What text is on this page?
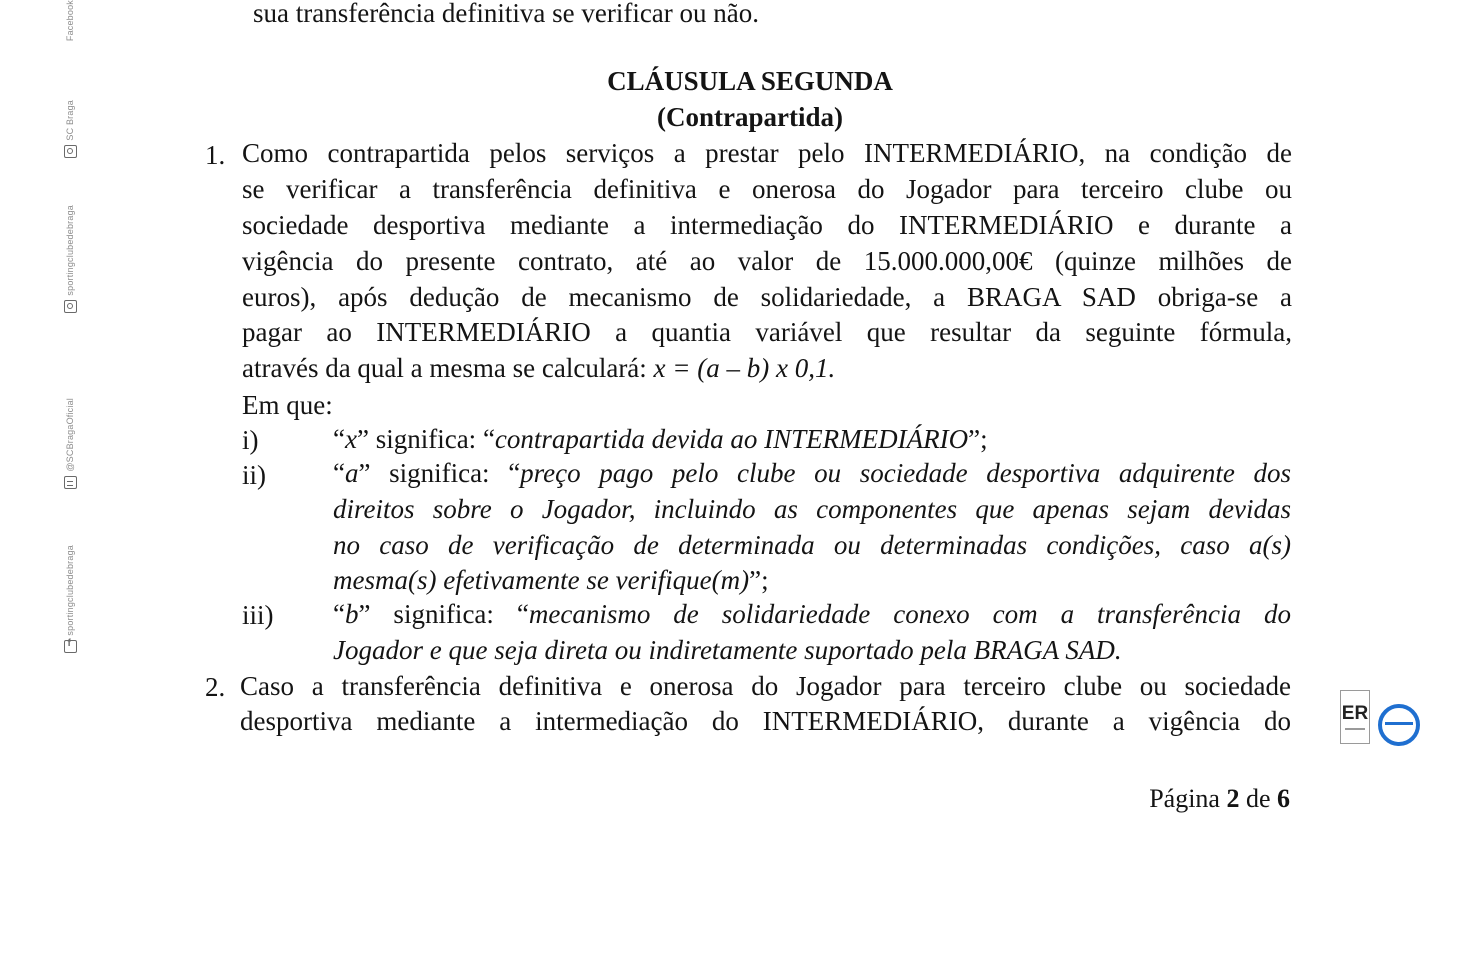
Facebook
SC Braga
sportingclubedebraga
@SCBragaOficial
sportingclubedebraga
f
sua transferência definitiva se verificar ou não.
CLÁUSULA SEGUNDA
(Contrapartida)
1. Como contrapartida pelos serviços a prestar pelo INTERMEDIÁRIO, na condição de
se verificar a transferência definitiva e onerosa do Jogador para terceiro clube ou
sociedade desportiva mediante a intermediação do INTERMEDIÁRIO e durante a
vigência do presente contrato, até ao valor de 15.000.000,00€ (quinze milhões de
euros), após dedução de mecanismo de solidariedade, a BRAGA SAD obriga-se a
pagar ao INTERMEDIÁRIO a quantia variável que resultar da seguinte fórmula,
através da qual a mesma se calculará: x = (a – b) x 0,1.
Em que:
i)	“x” significa: “contrapartida devida ao INTERMEDIÁRIO”;
ii) “a” significa: “preço pago pelo clube ou sociedade desportiva adquirente dos
direitos sobre o Jogador, incluindo as componentes que apenas sejam devidas
no caso de verificação de determinada ou determinadas condições, caso a(s)
mesma(s) efetivamente se verifique(m)”;
iii) “b” significa: “mecanismo de solidariedade conexo com a transferência do
Jogador e que seja direta ou indiretamente suportado pela BRAGA SAD.
2. Caso a transferência definitiva e onerosa do Jogador para terceiro clube ou sociedade
desportiva mediante a intermediação do INTERMEDIÁRIO, durante a vigência do	ER
Página 2 de 6
